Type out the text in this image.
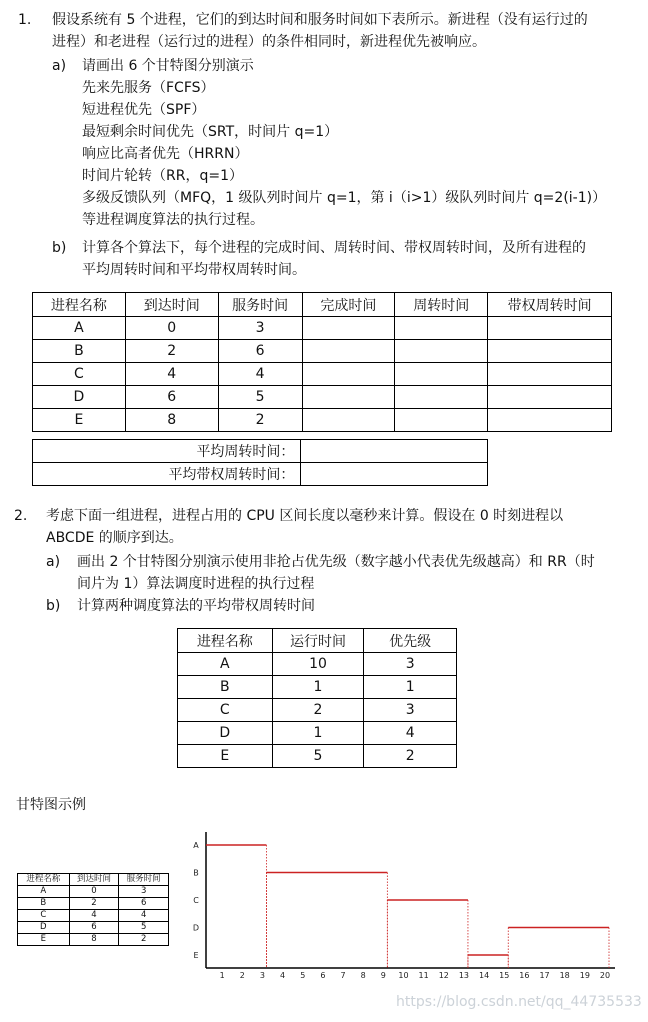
1. 假设系统有 5 个进程，它们的到达时间和服务时间如下表所示。新进程（没有运行过的
进程）和老进程（运行过的进程）的条件相同时，新进程优先被响应。
a) 请画出 6 个甘特图分别演示
先来先服务（FCFS）
短进程优先（SPF）
最短剩余时间优先（SRT，时间片 q=1）
响应比高者优先（HRRN）
时间片轮转（RR，q=1）
多级反馈队列（MFQ，1 级队列时间片 q=1，第 i（i>1）级队列时间片 q=2(i-1)）
等进程调度算法的执行过程。
b) 计算各个算法下，每个进程的完成时间、周转时间、带权周转时间，及所有进程的
平均周转时间和平均带权周转时间。
进程名称	到达时间	服务时间	完成时间	周转时间	带权周转时间
A	0	3			
B	2	6			
C	4	4			
D	6	5			
E	8	2			
平均周转时间：	
平均带权周转时间：	
2. 考虑下面一组进程，进程占用的 CPU 区间长度以毫秒来计算。假设在 0 时刻进程以
ABCDE 的顺序到达。
a) 画出 2 个甘特图分别演示使用非抢占优先级（数字越小代表优先级越高）和 RR（时
间片为 1）算法调度时进程的执行过程
b) 计算两种调度算法的平均带权周转时间
进程名称	运行时间	优先级
A	10	3
B	1	1
C	2	3
D	1	4
E	5	2
甘特图示例
进程名称	到达时间	服务时间
A	0	3
B	2	6
C	4	4
D	6	5
E	8	2
A
B
C
D
E
1 2 3 4 5 6 7 8 9 10 11 12 13 14 15 16 17 18 19 20
https://blog.csdn.net/qq_44735533
